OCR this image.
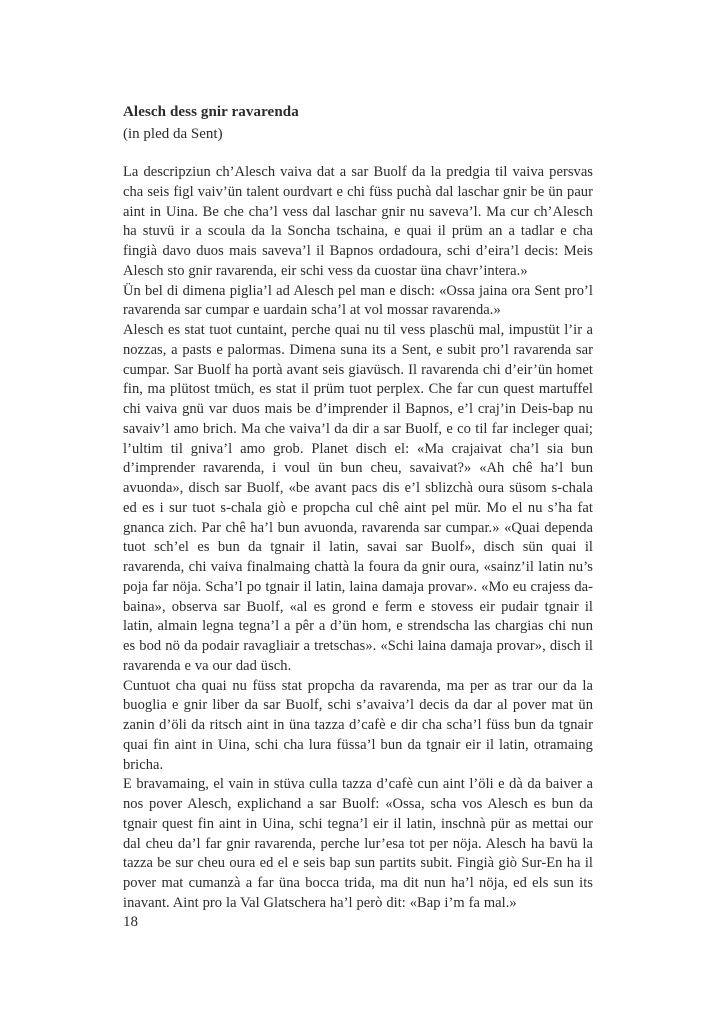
Alesch dess gnir ravarenda
(in pled da Sent)

La descripziun ch’Alesch vaiva dat a sar Buolf da la predgia til vaiva persvas cha seis figl vaiv’ün talent ourdvart e chi füss puchà dal laschar gnir be ün paur aint in Uina. Be che cha’l vess dal laschar gnir nu saveva’l. Ma cur ch’Alesch ha stuvü ir a scoula da la Soncha tschaina, e quai il prüm an a tadlar e cha fingià davo duos mais saveva’l il Bapnos ordadoura, schi d’eira’l decis: Meis Alesch sto gnir ravarenda, eir schi vess da cuostar üna chavr’intera.»

Ün bel di dimena piglia’l ad Alesch pel man e disch: «Ossa jaina ora Sent pro’l ravarenda sar cumpar e uardain scha’l at vol mossar ravarenda.»

Alesch es stat tuot cuntaint, perche quai nu til vess plaschü mal, impustüt l’ir a nozzas, a pasts e palormas. Dimena suna its a Sent, e subit pro’l ravarenda sar cumpar. Sar Buolf ha portà avant seis giavüsch. Il ravarenda chi d’eir’ün homet fin, ma plütost tmüch, es stat il prüm tuot perplex. Che far cun quest martuffel chi vaiva gnü var duos mais be d’imprender il Bapnos, e’l craj’in Deis-bap nu savaiv’l amo brich. Ma che vaiva’l da dir a sar Buolf, e co til far incleger quai; l’ultim til gniva’l amo grob. Planet disch el: «Ma crajaivat cha’l sia bun d’imprender ravarenda, i voul ün bun cheu, savaivat?» «Ah chê ha’l bun avuonda», disch sar Buolf, «be avant pacs dis e’l sblizchà oura süsom s-chala ed es i sur tuot s-chala giò e propcha cul chê aint pel mür. Mo el nu s’ha fat gnanca zich. Par chê ha’l bun avuonda, ravarenda sar cumpar.» «Quai dependa tuot sch’el es bun da tgnair il latin, savai sar Buolf», disch sün quai il ravarenda, chi vaiva finalmaing chattà la foura da gnir oura, «sainz’il latin nu’s poja far nöja. Scha’l po tgnair il latin, laina damaja provar». «Mo eu crajess dabaina», observa sar Buolf, «al es grond e ferm e stovess eir pudair tgnair il latin, almain legna tegna’l a pêr a d’ün hom, e strendscha las chargias chi nun es bod nö da podair ravagliair a tretschas». «Schi laina damaja provar», disch il ravarenda e va our dad üsch.

Cuntuot cha quai nu füss stat propcha da ravarenda, ma per as trar our da la buoglia e gnir liber da sar Buolf, schi s’avaiva’l decis da dar al pover mat ün zanin d’öli da ritsch aint in üna tazza d’cafè e dir cha scha’l füss bun da tgnair quai fin aint in Uina, schi cha lura füssa’l bun da tgnair eir il latin, otramaing bricha.

E bravamaing, el vain in stüva culla tazza d’cafè cun aint l’öli e dà da baiver a nos pover Alesch, explichand a sar Buolf: «Ossa, scha vos Alesch es bun da tgnair quest fin aint in Uina, schi tegna’l eir il latin, inschnà pür as mettai our dal cheu da’l far gnir ravarenda, perche lur’esa tot per nöja. Alesch ha bavü la tazza be sur cheu oura ed el e seis bap sun partits subit. Fingià giò Sur-En ha il pover mat cumanzà a far üna bocca trida, ma dit nun ha’l nöja, ed els sun its inavant. Aint pro la Val Glatschera ha’l però dit: «Bap i’m fa mal.»

18
